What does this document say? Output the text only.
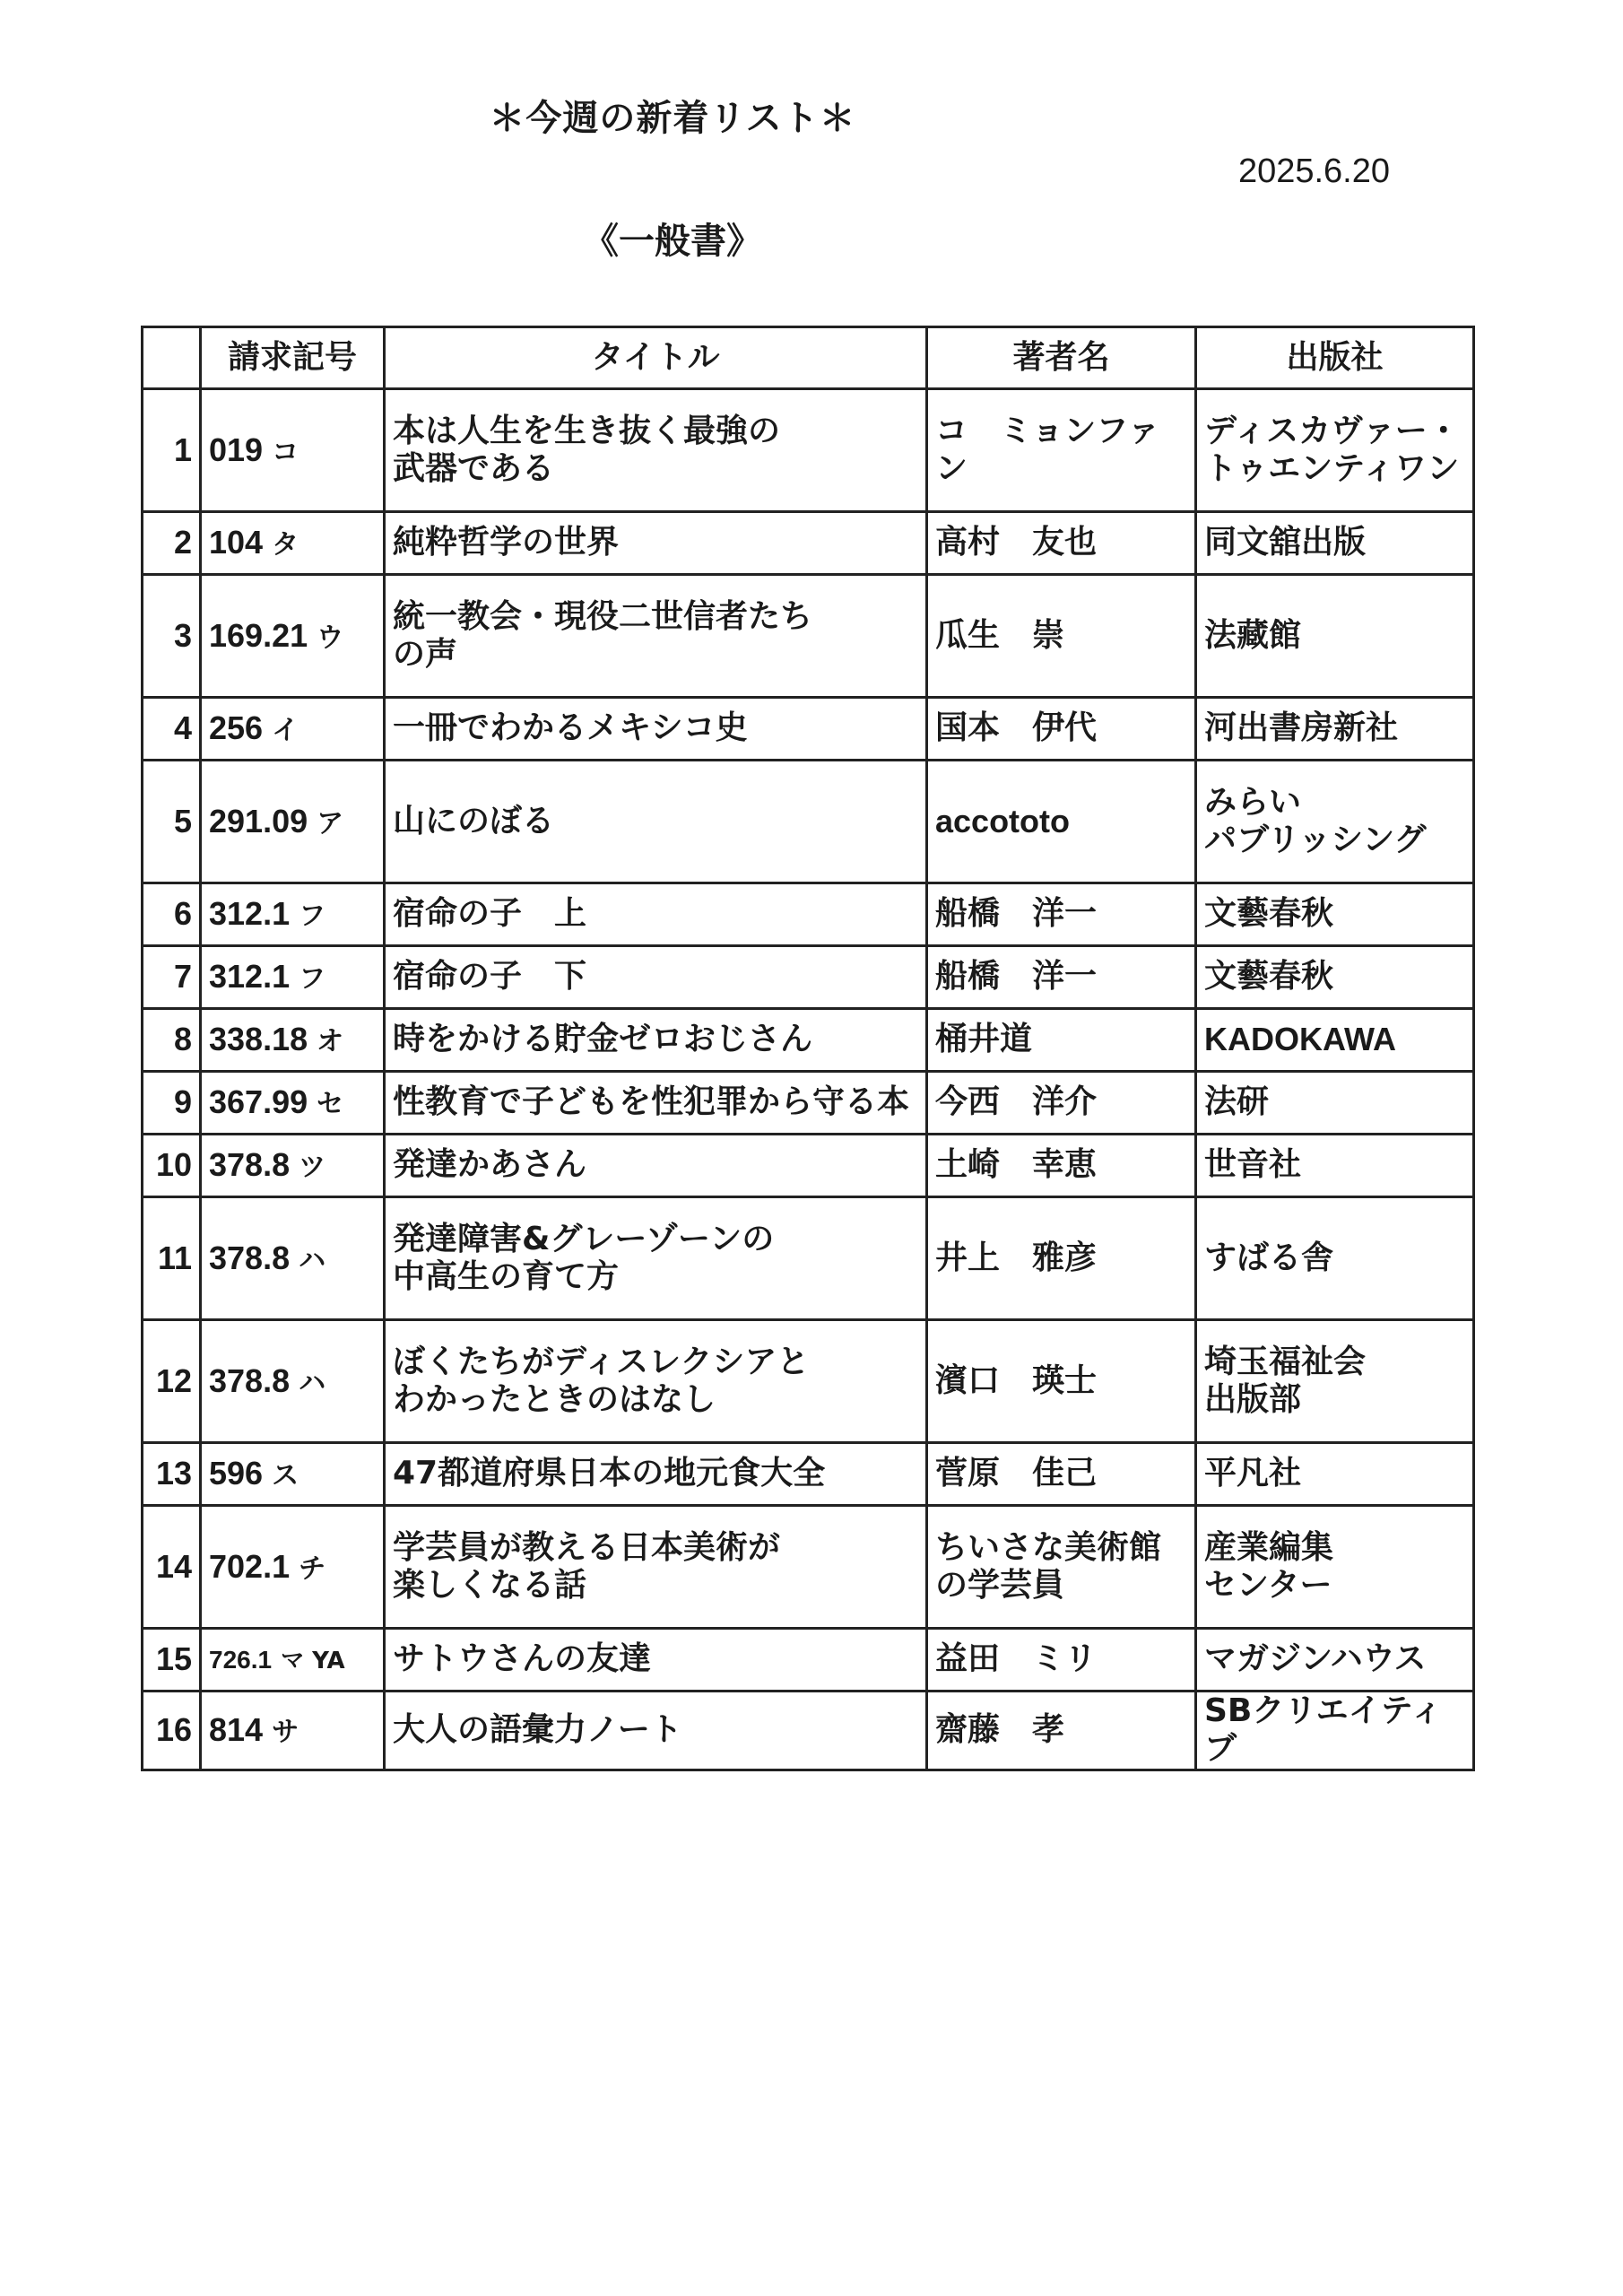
＊今週の新着リスト＊
2025.6.20
《一般書》
	請求記号	タイトル	著者名	出版社
1	019 コ	本は人生を生き抜く最強の
武器である	コ　ミョンファン	ディスカヴァー・
トゥエンティワン

2	104 タ	純粋哲学の世界	高村　友也	同文舘出版

3	169.21 ウ	統一教会・現役二世信者たち
の声	瓜生　崇	法藏館

4	256 イ	一冊でわかるメキシコ史	国本　伊代	河出書房新社

5	291.09 ア	山にのぼる	accototo	みらい
パブリッシング

6	312.1 フ	宿命の子　上	船橋　洋一	文藝春秋

7	312.1 フ	宿命の子　下	船橋　洋一	文藝春秋

8	338.18 オ	時をかける貯金ゼロおじさん	桶井道	KADOKAWA

9	367.99 セ	性教育で子どもを性犯罪から守る本	今西　洋介	法研

10	378.8 ツ	発達かあさん	土崎　幸恵	世音社

11	378.8 ハ	発達障害&グレーゾーンの
中高生の育て方	井上　雅彦	すばる舎

12	378.8 ハ	ぼくたちがディスレクシアと
わかったときのはなし	濱口　瑛士	埼玉福祉会
出版部

13	596 ス	47都道府県日本の地元食大全	菅原　佳己	平凡社

14	702.1 チ	学芸員が教える日本美術が
楽しくなる話	ちいさな美術館
の学芸員	産業編集
センター

15	726.1 マ YA	サトウさんの友達	益田　ミリ	マガジンハウス

16	814 サ	大人の語彙力ノート	齋藤　孝	SBクリエイティブ
